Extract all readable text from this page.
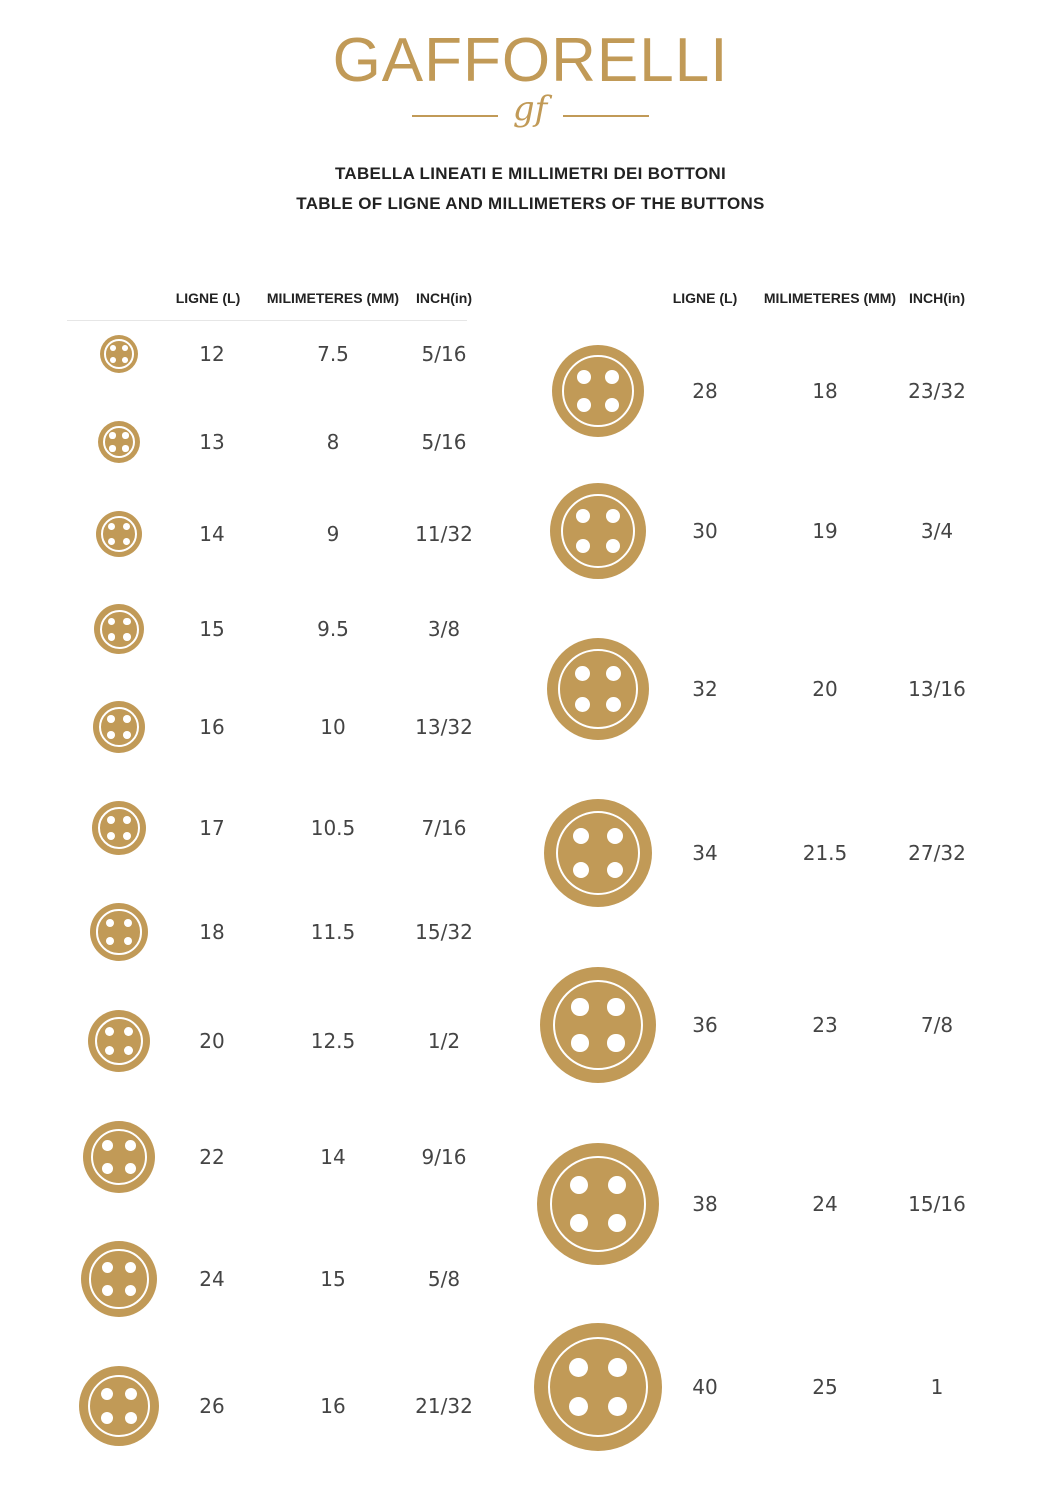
GAFFORELLI
gf
TABELLA LINEATI E MILLIMETRI DEI BOTTONI
TABLE OF LIGNE AND MILLIMETERS OF THE BUTTONS
LIGNE (L) MILIMETERES (MM) INCH(in)	LIGNE (L) MILIMETERES (MM) INCH(in)
12	7.5	5/16
13	8	5/16
14	9	11/32
15	9.5	3/8
16	10	13/32
17	10.5	7/16
18	11.5	15/32
20	12.5	1/2
22	14	9/16
24	15	5/8
26	16	21/32
28	18	23/32
30	19	3/4
32	20	13/16
34	21.5	27/32
36	23	7/8
38	24	15/16
40	25	1
